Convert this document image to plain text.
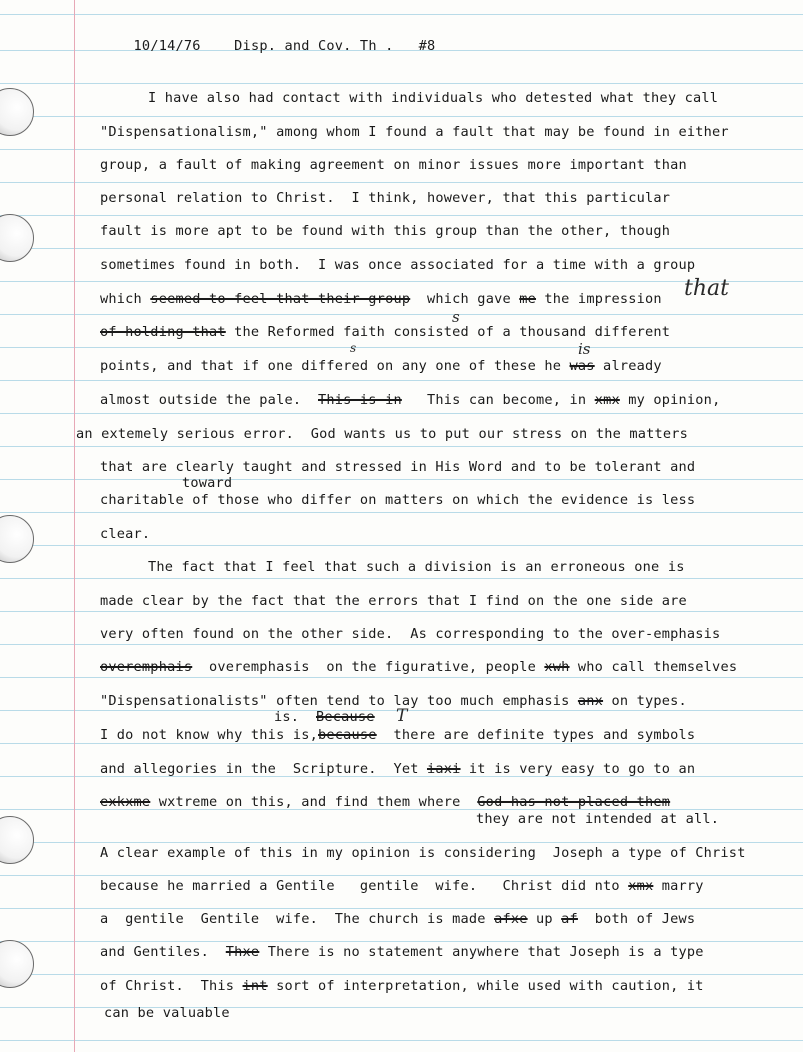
10/14/76 Disp. and Cov. Th . #8

I have also had contact with individuals who detested what they call
"Dispensationalism," among whom I found a fault that may be found in either
group, a fault of making agreement on minor issues more important than
personal relation to Christ.  I think, however, that this particular
fault is more apt to be found with this group than the other, though
sometimes found in both.  I was once associated for a time with a group
which seemed to feel that their group  which gave me the impression that
of holding that the Reformed faith consisted of a thousand different
s
points, and that if one differed on any one of these he was already
s	is
almost outside the pale.  This is in   This can become, in xmx my opinion,
an extemely serious error.  God wants us to put our stress on the matters
that are clearly taught and stressed in His Word and to be tolerant and
toward
charitable of those who differ on matters on which the evidence is less
clear.
The fact that I feel that such a division is an erroneous one is
made clear by the fact that the errors that I find on the one side are
very often found on the other side.  As corresponding to the over-emphasis
overemphais  overemphasis  on the figurative, people xwh who call themselves
"Dispensationalists" often tend to lay too much emphasis anx on types.
is. Because T
I do not know why this is,because  there are definite types and symbols
and allegories in the  Scripture.  Yet iaxi it is very easy to go to an
exkxme wxtreme on this, and find them where  God has not placed them
they are not intended at all.
A clear example of this in my opinion is considering  Joseph a type of Christ
because he married a Gentile   gentile  wife.   Christ did nto xmx marry
a  gentile  Gentile  wife.  The church is made afxe up af  both of Jews
and Gentiles.  Thxe There is no statement anywhere that Joseph is a type
of Christ.  This int sort of interpretation, while used with caution, it
can be valuable
